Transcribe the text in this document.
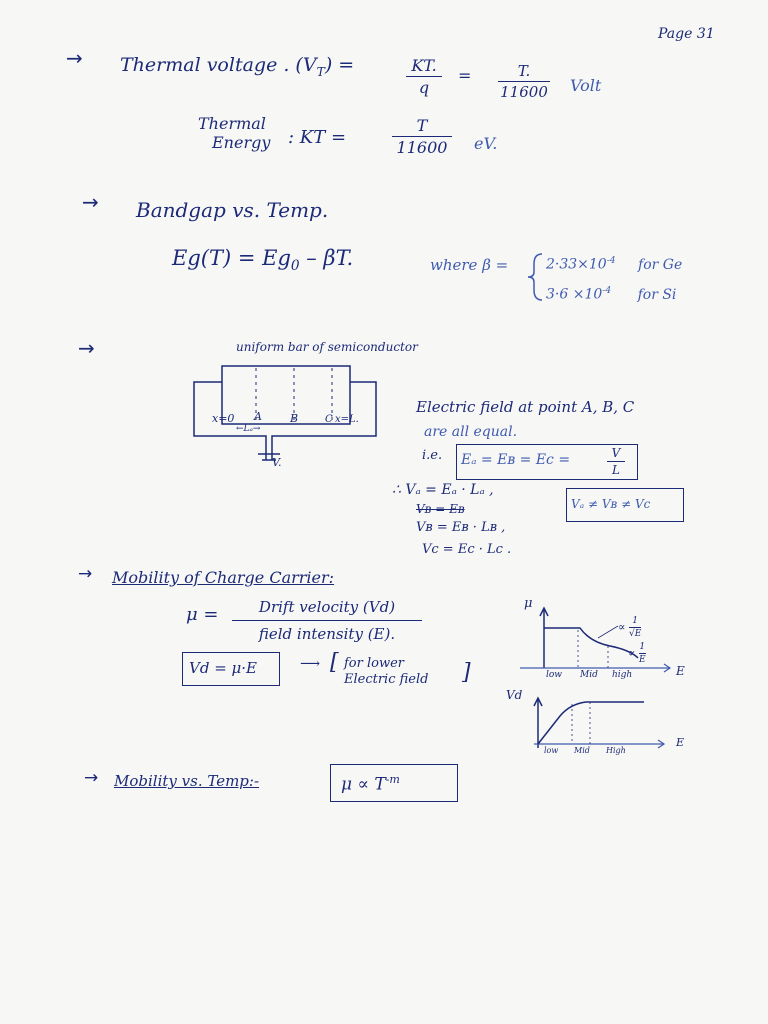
Page 31
→ Thermal voltage . $(V_T)$ =	KT.
q
=	T.
11600 Volt
Thermal
Energy : KT =
T
11600 eV.
→ Bandgap vs. Temp.
$Eg(T) = Eg_0 - \beta T$.	where β =	$2\cdot 33\times 10^{-4}$ for Ge
$3\cdot 6 \times 10^{-4}$ for Si
→	uniform bar of semiconductor
x=0 A	B	C x=L.
←Lₐ→
V.
Electric field at point A, B, C
are all equal.
i.e. Eₐ = Eʙ = Ec =	V
L
∴ Vₐ = Eₐ · Lₐ ,
Vₐ ≠ Vʙ ≠ Vc
Vʙ = Eʙ
Vʙ = Eʙ · Lʙ ,
Vc = Ec · Lc .
→ Mobility of Charge Carrier:
μ =	Drift velocity (Vd)
field intensity (E).
Vd = μ·E	⟶ [ for lower
Electric field ]
μ
E
∝ $\frac{1}{√E}$
∝ $\frac{1}{E}$
low Mid high
Vd
E
low Mid High
→ Mobility vs. Temp:-	$\mu \propto T^{-m}$
